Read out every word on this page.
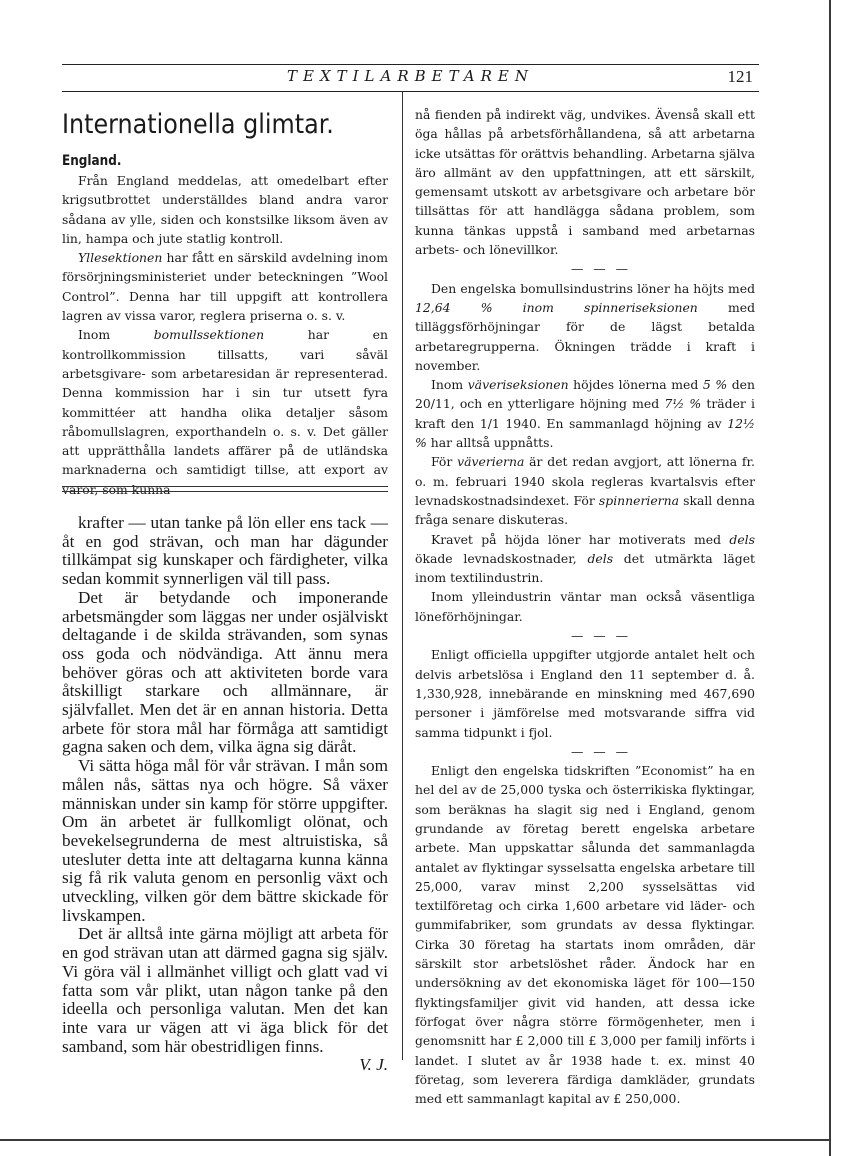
TEXTILARBETAREN	121
Internationella glimtar.
England.

Från England meddelas, att omedelbart efter krigsutbrottet underställdes bland andra varor sådana av ylle, siden och konstsilke liksom även av lin, hampa och jute statlig kontroll.

Yllesektionen har fått en särskild avdelning inom försörjningsministeriet under beteckningen ”Wool Control”. Denna har till uppgift att kontrollera lagren av vissa varor, reglera priserna o. s. v.

Inom bomullssektionen har en kontrollkommission tillsatts, vari såväl arbetsgivare- som arbetaresidan är representerad. Denna kommission har i sin tur utsett fyra kommittéer att handha olika detaljer såsom råbomullslagren, exporthandeln o. s. v. Det gäller att upprätthålla landets affärer på de utländska marknaderna och samtidigt tillse, att export av varor, som kunna

krafter — utan tanke på lön eller ens tack — åt en god strävan, och man har dägunder tillkämpat sig kunskaper och färdigheter, vilka sedan kommit synnerligen väl till pass.

Det är betydande och imponerande arbetsmängder som läggas ner under osjälviskt deltagande i de skilda strävanden, som synas oss goda och nödvändiga. Att ännu mera behöver göras och att aktiviteten borde vara åtskilligt starkare och allmännare, är självfallet. Men det är en annan historia. Detta arbete för stora mål har förmåga att samtidigt gagna saken och dem, vilka ägna sig däråt.

Vi sätta höga mål för vår strävan. I mån som målen nås, sättas nya och högre. Så växer människan under sin kamp för större uppgifter. Om än arbetet är fullkomligt olönat, och bevekelsegrunderna de mest altruistiska, så utesluter detta inte att deltagarna kunna känna sig få rik valuta genom en personlig växt och utveckling, vilken gör dem bättre skickade för livskampen.

Det är alltså inte gärna möjligt att arbeta för en god strävan utan att därmed gagna sig själv. Vi göra väl i allmänhet villigt och glatt vad vi fatta som vår plikt, utan någon tanke på den ideella och personliga valutan. Men det kan inte vara ur vägen att vi äga blick för det samband, som här obestridligen finns.

V. J.

nå fienden på indirekt väg, undvikes. Ävenså skall ett öga hållas på arbetsförhållandena, så att arbetarna icke utsättas för orättvis behandling. Arbetarna själva äro allmänt av den uppfattningen, att ett särskilt, gemensamt utskott av arbetsgivare och arbetare bör tillsättas för att handlägga sådana problem, som kunna tänkas uppstå i samband med arbetarnas arbets- och lönevillkor.

— — —

Den engelska bomullsindustrins löner ha höjts med 12,64 % inom spinneriseksionen med tilläggsförhöjningar för de lägst betalda arbetaregrupperna. Ökningen trädde i kraft i november.

Inom väveriseksionen höjdes lönerna med 5 % den 20/11, och en ytterligare höjning med 7½ % träder i kraft den 1/1 1940. En sammanlagd höjning av 12½ % har alltså uppnåtts.

För väverierna är det redan avgjort, att lönerna fr. o. m. februari 1940 skola regleras kvartalsvis efter levnadskostnadsindexet. För spinnerierna skall denna fråga senare diskuteras.

Kravet på höjda löner har motiverats med dels ökade levnadskostnader, dels det utmärkta läget inom textilindustrin.

Inom ylleindustrin väntar man också väsentliga löneförhöjningar.

— — —

Enligt officiella uppgifter utgjorde antalet helt och delvis arbetslösa i England den 11 september d. å. 1,330,928, innebärande en minskning med 467,690 personer i jämförelse med motsvarande siffra vid samma tidpunkt i fjol.

— — —

Enligt den engelska tidskriften ”Economist” ha en hel del av de 25,000 tyska och österrikiska flyktingar, som beräknas ha slagit sig ned i England, genom grundande av företag berett engelska arbetare arbete. Man uppskattar sålunda det sammanlagda antalet av flyktingar sysselsatta engelska arbetare till 25,000, varav minst 2,200 sysselsättas vid textilföretag och cirka 1,600 arbetare vid läder- och gummifabriker, som grundats av dessa flyktingar. Cirka 30 företag ha startats inom områden, där särskilt stor arbetslöshet råder. Ändock har en undersökning av det ekonomiska läget för 100—150 flyktingsfamiljer givit vid handen, att dessa icke förfogat över några större förmögenheter, men i genomsnitt har £ 2,000 till £ 3,000 per familj införts i landet. I slutet av år 1938 hade t. ex. minst 40 företag, som leverera färdiga damkläder, grundats med ett sammanlagt kapital av £ 250,000.
